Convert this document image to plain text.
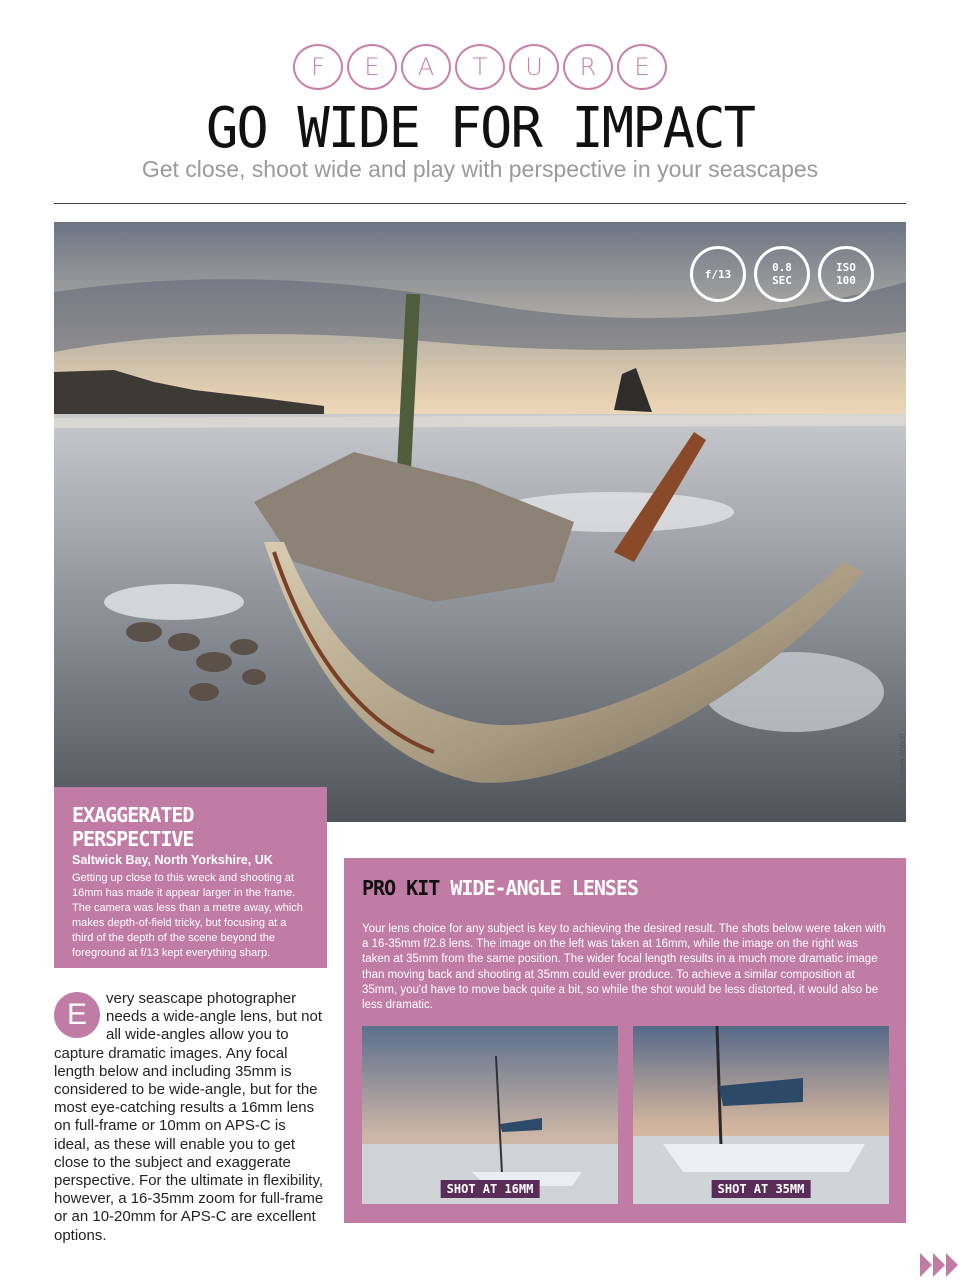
F	E	A	T	U	R	E
GO WIDE FOR IMPACT
Get close, shoot wide and play with perspective in your seascapes
f/13	0.8
SEC
ISO
100
© James Abbott
EXAGGERATED PERSPECTIVE
Saltwick Bay, North Yorkshire, UK

Getting up close to this wreck and shooting at 16mm has made it appear larger in the frame. The camera was less than a metre away, which makes depth-of-field tricky, but focusing at a third of the depth of the scene beyond the foreground at f/13 kept everything sharp.

E	very seascape photographer needs a wide-angle lens, but not all wide-angles allow you to capture dramatic images. Any focal length below and including 35mm is considered to be wide-angle, but for the most eye-catching results a 16mm lens on full-frame or 10mm on APS-C is ideal, as these will enable you to get close to the subject and exaggerate perspective. For the ultimate in flexibility, however, a 16-35mm zoom for full-frame or an 10-20mm for APS-C are excellent options.
PRO KIT WIDE-ANGLE LENSES

Your lens choice for any subject is key to achieving the desired result. The shots below were taken with a 16-35mm f/2.8 lens. The image on the left was taken at 16mm, while the image on the right was taken at 35mm from the same position. The wider focal length results in a much more dramatic image than moving back and shooting at 35mm could ever produce. To achieve a similar composition at 35mm, you'd have to move back quite a bit, so while the shot would be less distorted, it would also be less dramatic.

SHOT AT 16MM	SHOT AT 35MM
